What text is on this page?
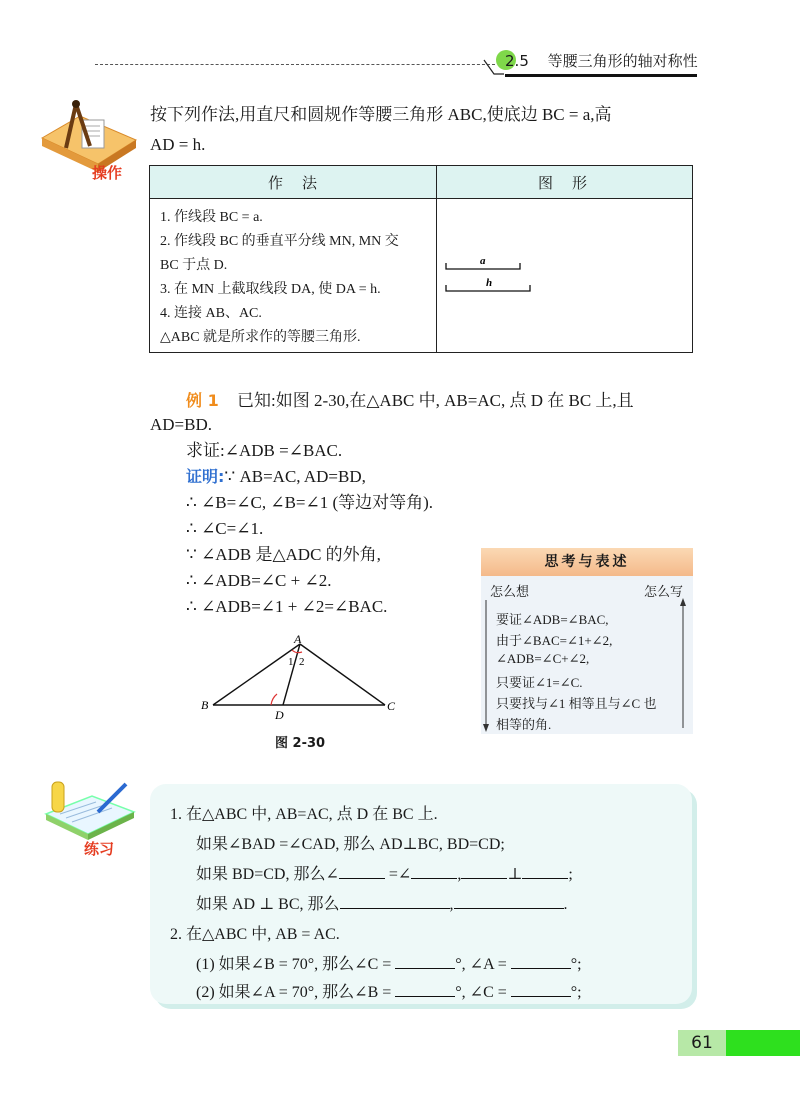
2.5 等腰三角形的轴对称性
操作
按下列作法,用直尺和圆规作等腰三角形 ABC,使底边 BC = a,高
AD = h.
作　法	图　形
1. 作线段 BC = a.
2. 作线段 BC 的垂直平分线 MN, MN 交
BC 于点 D.
3. 在 MN 上截取线段 DA, 使 DA = h.
4. 连接 AB、AC.
△ABC 就是所求作的等腰三角形.
a
h
例 1 已知:如图 2-30,在△ABC 中, AB=AC, 点 D 在 BC 上,且
AD=BD.
求证:∠ADB =∠BAC.
证明:∵ AB=AC, AD=BD,
∴ ∠B=∠C, ∠B=∠1 (等边对等角).
∴ ∠C=∠1.
∵ ∠ADB 是△ADC 的外角,
∴ ∠ADB=∠C + ∠2.
∴ ∠ADB=∠1 + ∠2=∠BAC.
A
B	C
D
1 2
图 2-30
思考与表述
怎么想	怎么写
要证∠ADB=∠BAC,
由于∠BAC=∠1+∠2,
∠ADB=∠C+∠2,
只要证∠1=∠C.
只要找与∠1 相等且与∠C 也
相等的角.
练习
1. 在△ABC 中, AB=AC, 点 D 在 BC 上.
如果∠BAD =∠CAD, 那么 AD⊥BC, BD=CD;
如果 BD=CD, 那么∠	=∠	,	⊥	;
如果 AD ⊥ BC, 那么	,	.
2. 在△ABC 中, AB = AC.
(1) 如果∠B = 70°, 那么∠C =	°, ∠A =	°;
(2) 如果∠A = 70°, 那么∠B =	°, ∠C =	°;
61
